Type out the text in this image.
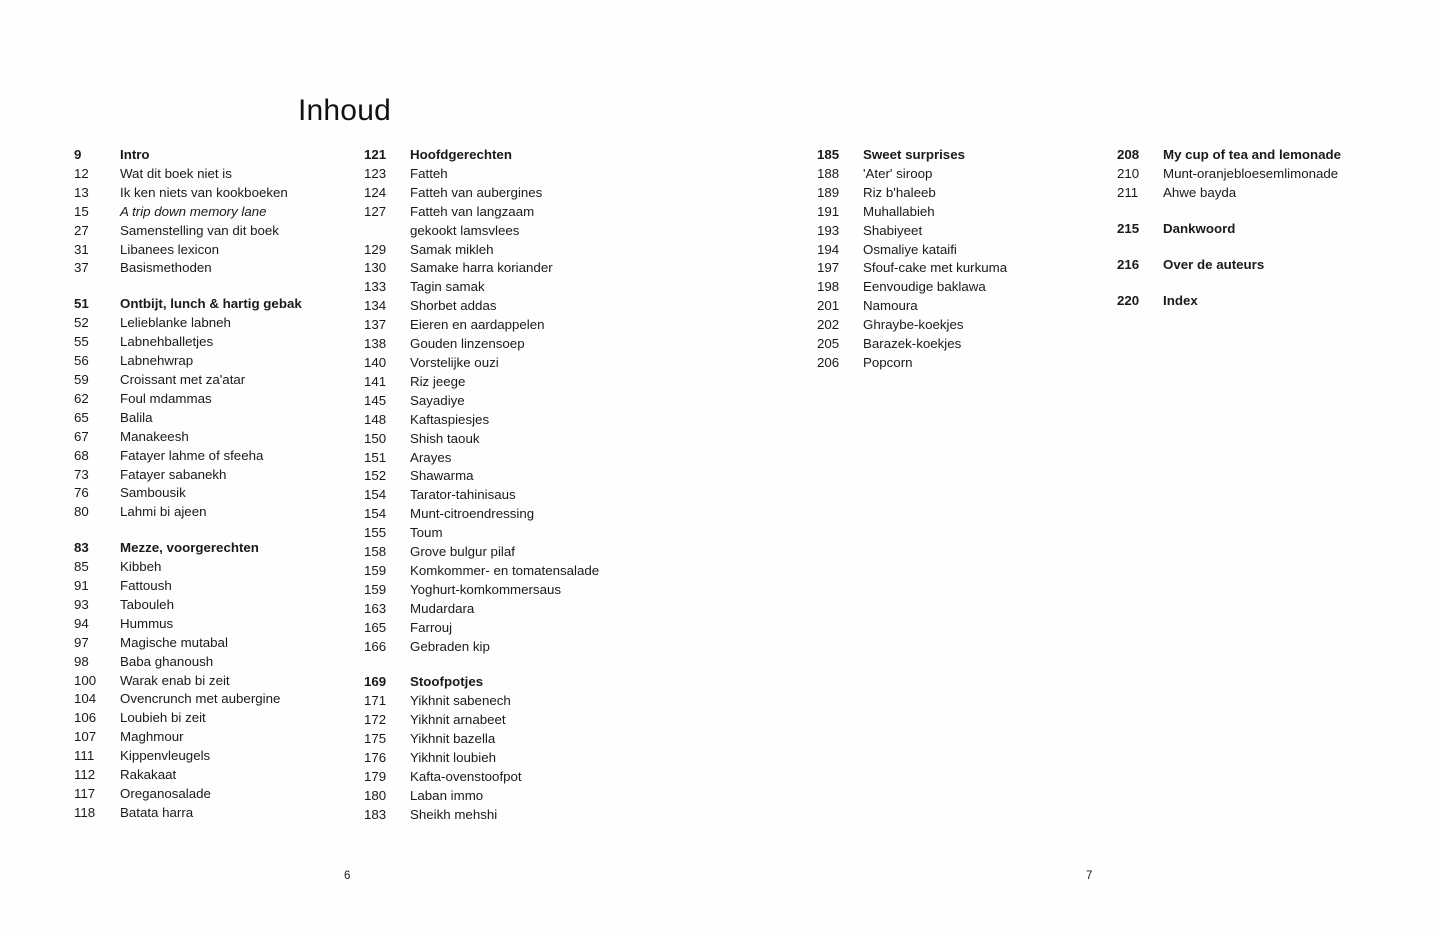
Inhoud
9	Intro
12	Wat dit boek niet is
13	Ik ken niets van kookboeken
15	A trip down memory lane
27	Samenstelling van dit boek
31	Libanees lexicon
37	Basismethoden
51	Ontbijt, lunch & hartig gebak
52	Lelieblanke labneh
55	Labnehballetjes
56	Labnehwrap
59	Croissant met za'atar
62	Foul mdammas
65	Balila
67	Manakeesh
68	Fatayer lahme of sfeeha
73	Fatayer sabanekh
76	Sambousik
80	Lahmi bi ajeen
83	Mezze, voorgerechten
85	Kibbeh
91	Fattoush
93	Tabouleh
94	Hummus
97	Magische mutabal
98	Baba ghanoush
100	Warak enab bi zeit
104	Ovencrunch met aubergine
106	Loubieh bi zeit
107	Maghmour
111	Kippenvleugels
112	Rakakaat
117	Oreganosalade
118	Batata harra
121	Hoofdgerechten
123	Fatteh
124	Fatteh van aubergines
127	Fatteh van langzaam
gekookt lamsvlees
129	Samak mikleh
130	Samake harra koriander
133	Tagin samak
134	Shorbet addas
137	Eieren en aardappelen
138	Gouden linzensoep
140	Vorstelijke ouzi
141	Riz jeege
145	Sayadiye
148	Kaftaspiesjes
150	Shish taouk
151	Arayes
152	Shawarma
154	Tarator-tahinisaus
154	Munt-citroendressing
155	Toum
158	Grove bulgur pilaf
159	Komkommer- en tomatensalade
159	Yoghurt-komkommersaus
163	Mudardara
165	Farrouj
166	Gebraden kip
169	Stoofpotjes
171	Yikhnit sabenech
172	Yikhnit arnabeet
175	Yikhnit bazella
176	Yikhnit loubieh
179	Kafta-ovenstoofpot
180	Laban immo
183	Sheikh mehshi
185	Sweet surprises
188	'Ater' siroop
189	Riz b'haleeb
191	Muhallabieh
193	Shabiyeet
194	Osmaliye kataifi
197	Sfouf-cake met kurkuma
198	Eenvoudige baklawa
201	Namoura
202	Ghraybe-koekjes
205	Barazek-koekjes
206	Popcorn
208	My cup of tea and lemonade
210	Munt-oranjebloesemlimonade
211	Ahwe bayda
215	Dankwoord
216	Over de auteurs
220	Index
6	7
